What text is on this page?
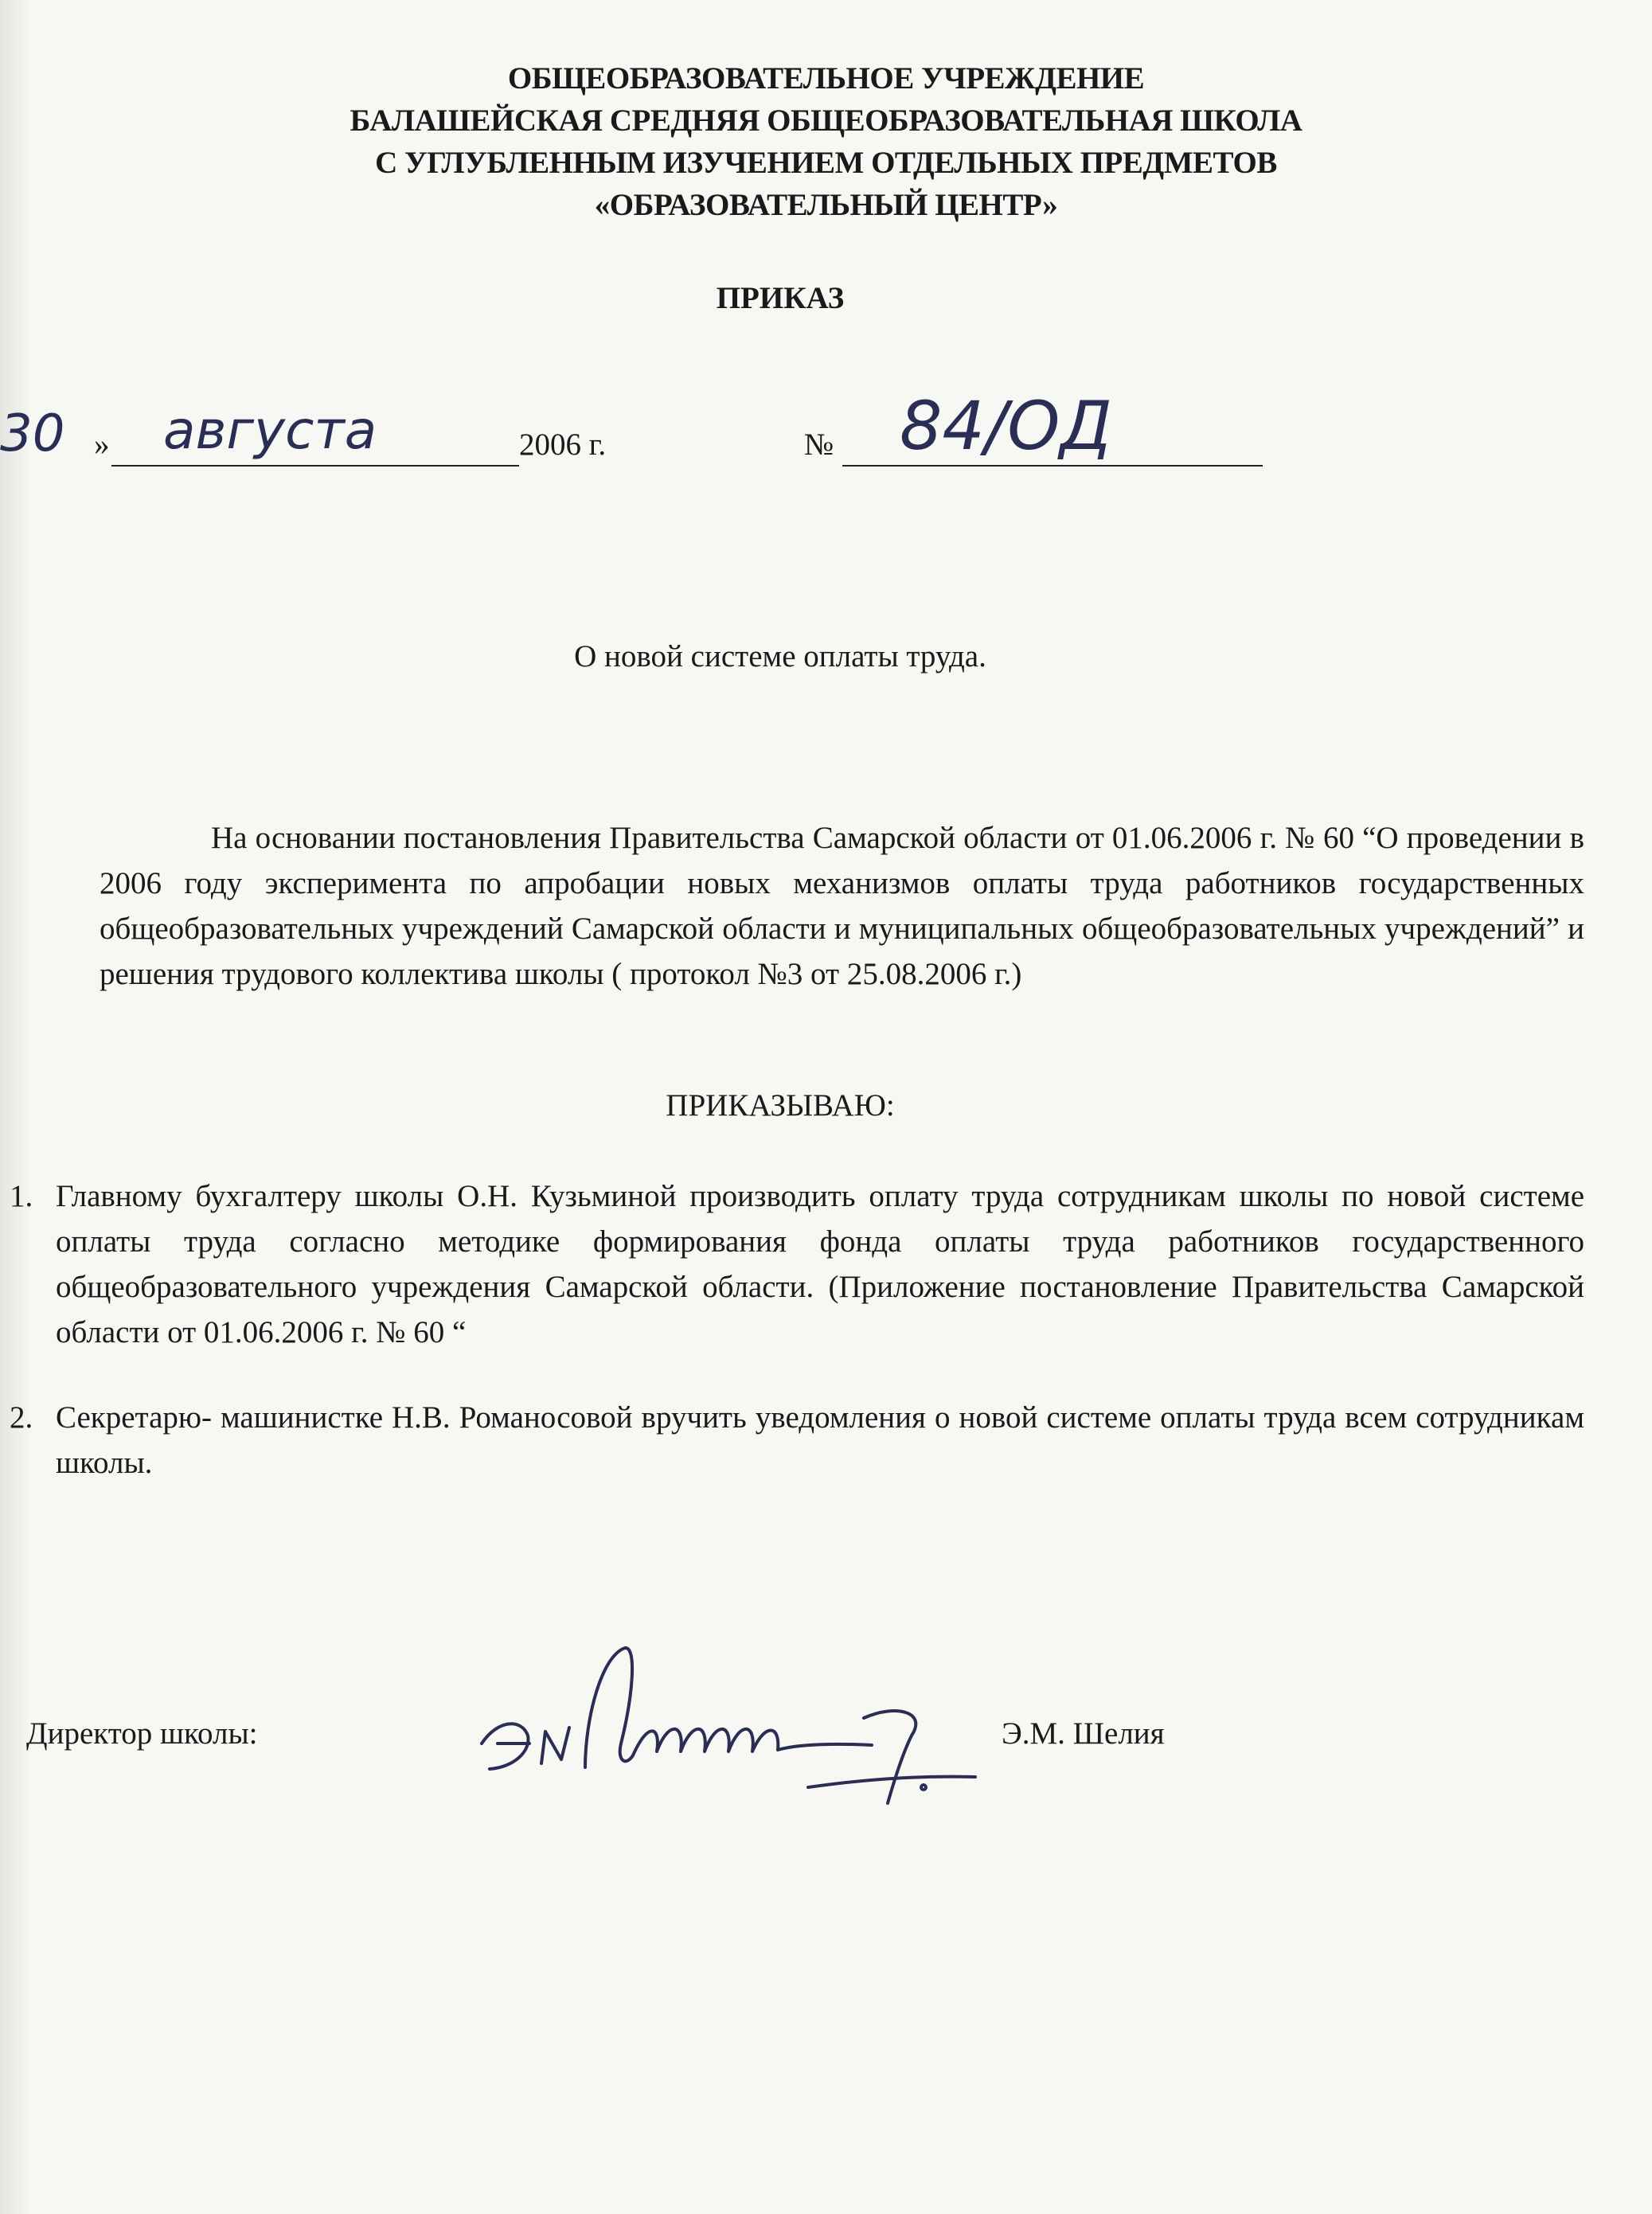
ОБЩЕОБРАЗОВАТЕЛЬНОЕ УЧРЕЖДЕНИЕ
БАЛАШЕЙСКАЯ СРЕДНЯЯ ОБЩЕОБРАЗОВАТЕЛЬНАЯ ШКОЛА
С УГЛУБЛЕННЫМ ИЗУЧЕНИЕМ ОТДЕЛЬНЫХ ПРЕДМЕТОВ
«ОБРАЗОВАТЕЛЬНЫЙ ЦЕНТР»
ПРИКАЗ
30 » августа	2006 г.	№ 84/ОД
О новой системе оплаты труда.
На основании постановления Правительства Самарской области от 01.06.2006 г. № 60 “О проведении в 2006 году эксперимента по апробации новых механизмов оплаты труда работников государственных общеобразовательных учреждений Самарской области и муниципальных общеобразовательных учреждений” и решения трудового коллектива школы ( протокол №3 от 25.08.2006 г.)
ПРИКАЗЫВАЮ:
1. Главному бухгалтеру школы О.Н. Кузьминой производить оплату труда сотрудникам школы по новой системе оплаты труда согласно методике формирования фонда оплаты труда работников государственного общеобразовательного учреждения Самарской области. (Приложение постановление Правительства Самарской области от 01.06.2006 г. № 60 “
2. Секретарю- машинистке Н.В. Романосовой вручить уведомления о новой системе оплаты труда всем сотрудникам школы.
Директор школы:	Э.М. Шелия
